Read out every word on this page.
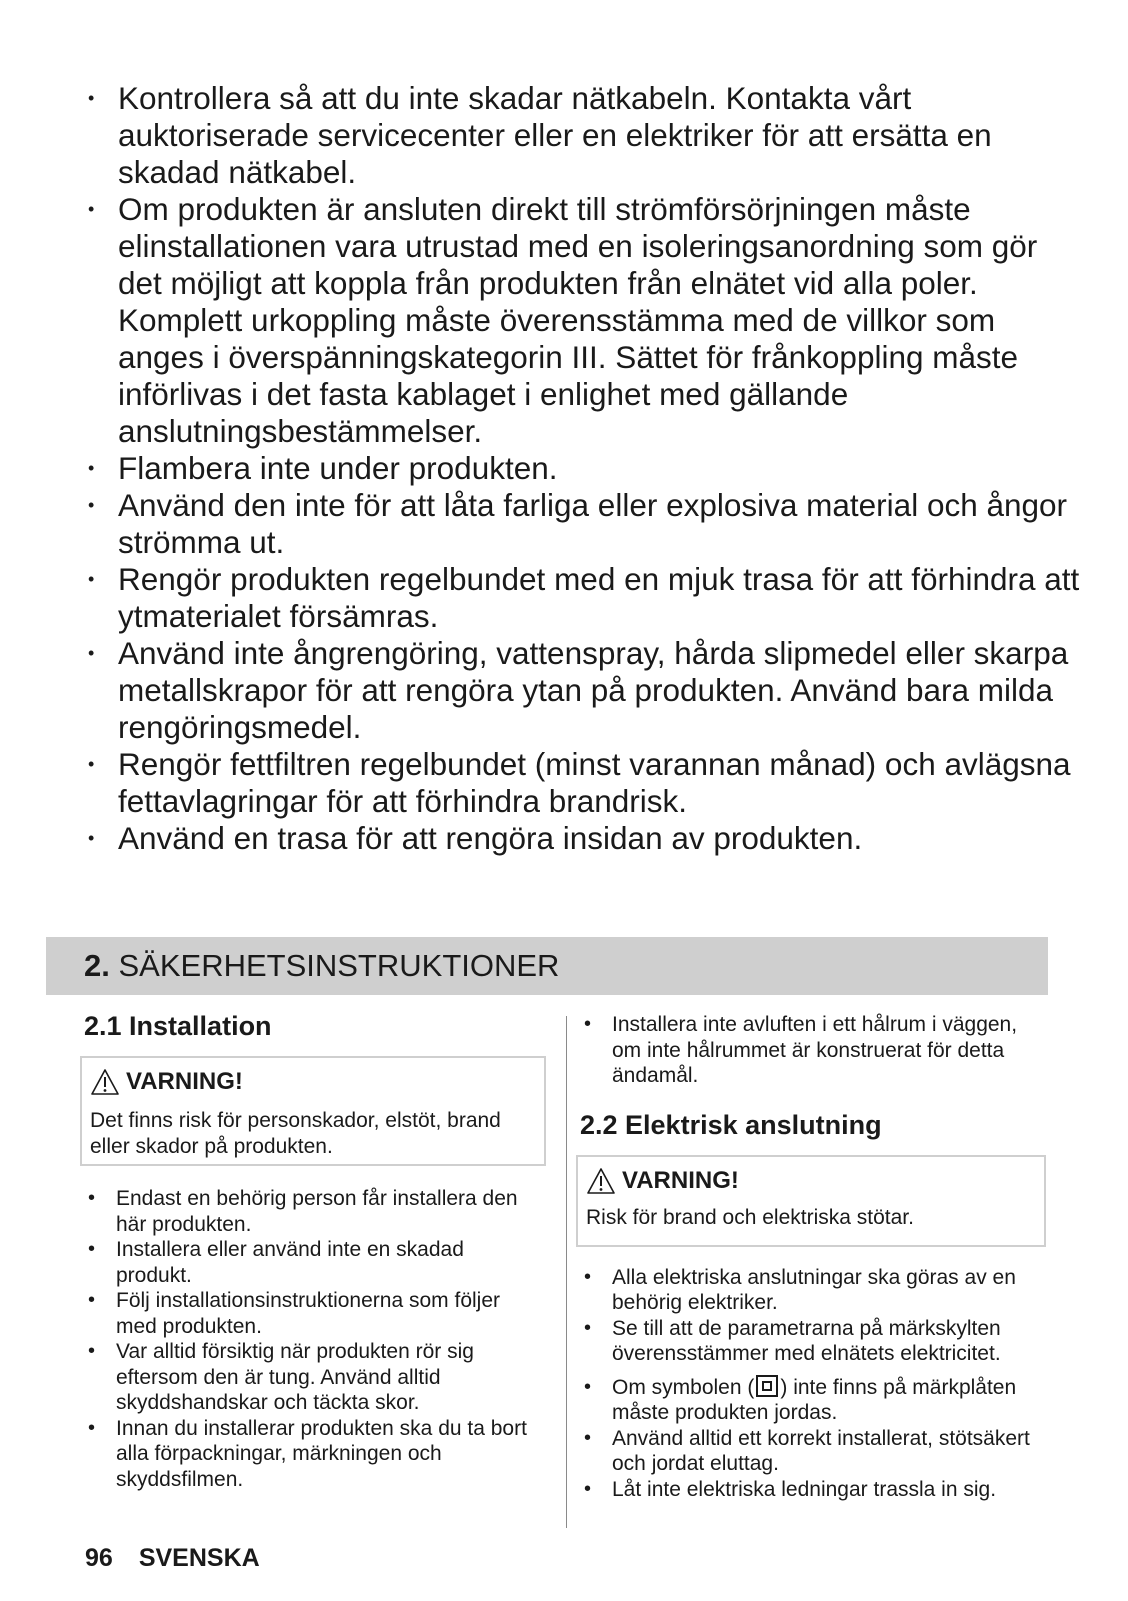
• Kontrollera så att du inte skadar nätkabeln. Kontakta vårt auktoriserade servicecenter eller en elektriker för att ersätta en skadad nätkabel.
• Om produkten är ansluten direkt till strömförsörjningen måste elinstallationen vara utrustad med en isoleringsanordning som gör det möjligt att koppla från produkten från elnätet vid alla poler. Komplett urkoppling måste överensstämma med de villkor som anges i överspänningskategorin III. Sättet för frånkoppling måste införlivas i det fasta kablaget i enlighet med gällande anslutningsbestämmelser.
• Flambera inte under produkten.
• Använd den inte för att låta farliga eller explosiva material och ångor strömma ut.
• Rengör produkten regelbundet med en mjuk trasa för att förhindra att ytmaterialet försämras.
• Använd inte ångrengöring, vattenspray, hårda slipmedel eller skarpa metallskrapor för att rengöra ytan på produkten. Använd bara milda rengöringsmedel.
• Rengör fettfiltren regelbundet (minst varannan månad) och avlägsna fettavlagringar för att förhindra brandrisk.
• Använd en trasa för att rengöra insidan av produkten.
2. SÄKERHETSINSTRUKTIONER
2.1 Installation
VARNING!
Det finns risk för personskador, elstöt, brand eller skador på produkten.
• Endast en behörig person får installera den här produkten.
• Installera eller använd inte en skadad produkt.
• Följ installationsinstruktionerna som följer med produkten.
• Var alltid försiktig när produkten rör sig eftersom den är tung. Använd alltid skyddshandskar och täckta skor.
• Innan du installerar produkten ska du ta bort alla förpackningar, märkningen och skyddsfilmen.
• Installera inte avluften i ett hålrum i väggen, om inte hålrummet är konstruerat för detta ändamål.
2.2 Elektrisk anslutning
VARNING!
Risk för brand och elektriska stötar.
• Alla elektriska anslutningar ska göras av en behörig elektriker.
• Se till att de parametrarna på märkskylten överensstämmer med elnätets elektricitet.
• Om symbolen ( ) inte finns på märkplåten måste produkten jordas.
• Använd alltid ett korrekt installerat, stötsäkert och jordat eluttag.
• Låt inte elektriska ledningar trassla in sig.
96 SVENSKA
